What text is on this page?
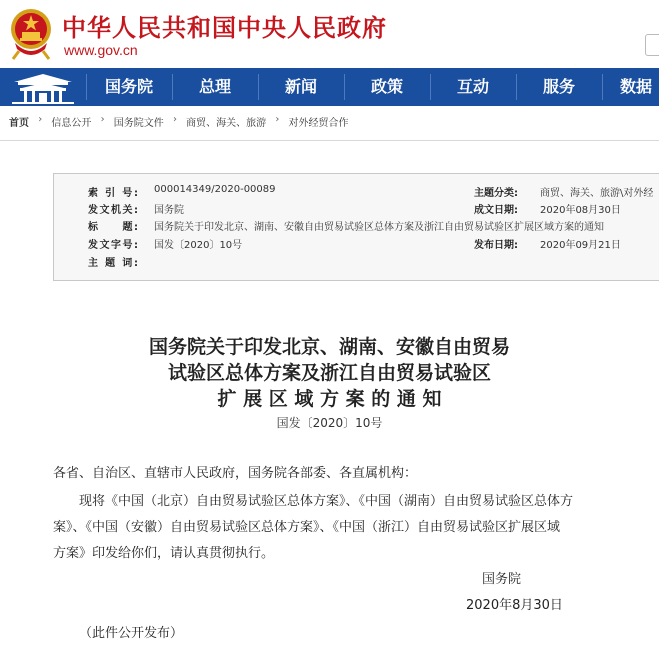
中华人民共和国中央人民政府
www.gov.cn
国务院	总理	新闻	政策	互动	服务	数据
首页 › 信息公开 › 国务院文件 › 商贸、海关、旅游 › 对外经贸合作
索 引 号: 000014349/2020-00089	主题分类: 商贸、海关、旅游\对外经
发文机关: 国务院	成文日期: 2020年08月30日
标　　题: 国务院关于印发北京、湖南、安徽自由贸易试验区总体方案及浙江自由贸易试验区扩展区域方案的通知
发文字号: 国发〔2020〕10号	发布日期: 2020年09月21日
主 题 词:
国务院关于印发北京、湖南、安徽自由贸易
试验区总体方案及浙江自由贸易试验区
扩 展 区 域 方 案 的 通 知
国发〔2020〕10号
各省、自治区、直辖市人民政府，国务院各部委、各直属机构：
现将《中国（北京）自由贸易试验区总体方案》、《中国（湖南）自由贸易试验区总体方
案》、《中国（安徽）自由贸易试验区总体方案》、《中国（浙江）自由贸易试验区扩展区域
方案》印发给你们，请认真贯彻执行。
国务院
2020年8月30日
（此件公开发布）
